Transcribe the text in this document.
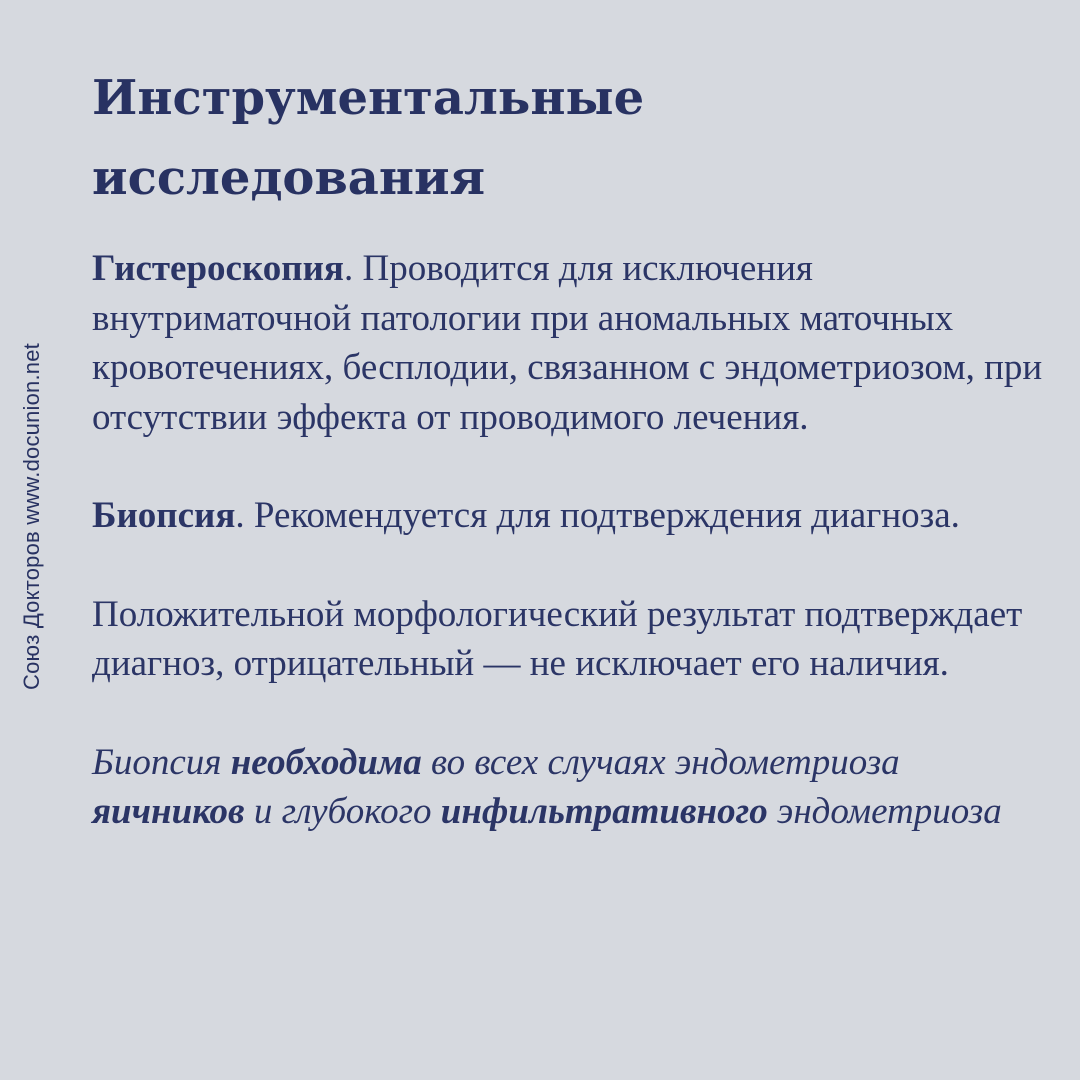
Союз Докторов www.docunion.net
Инструментальные
исследования

Гистероскопия. Проводится для исключения внутриматочной патологии при аномальных маточных кровотечениях, бесплодии, связанном с эндометриозом, при отсутствии эффекта от проводимого лечения.

Биопсия. Рекомендуется для подтверждения диагноза.

Положительной морфологический результат подтверждает диагноз, отрицательный — не исключает его наличия.

Биопсия необходима во всех случаях эндометриоза яичников и глубокого инфильтративного эндометриоза
